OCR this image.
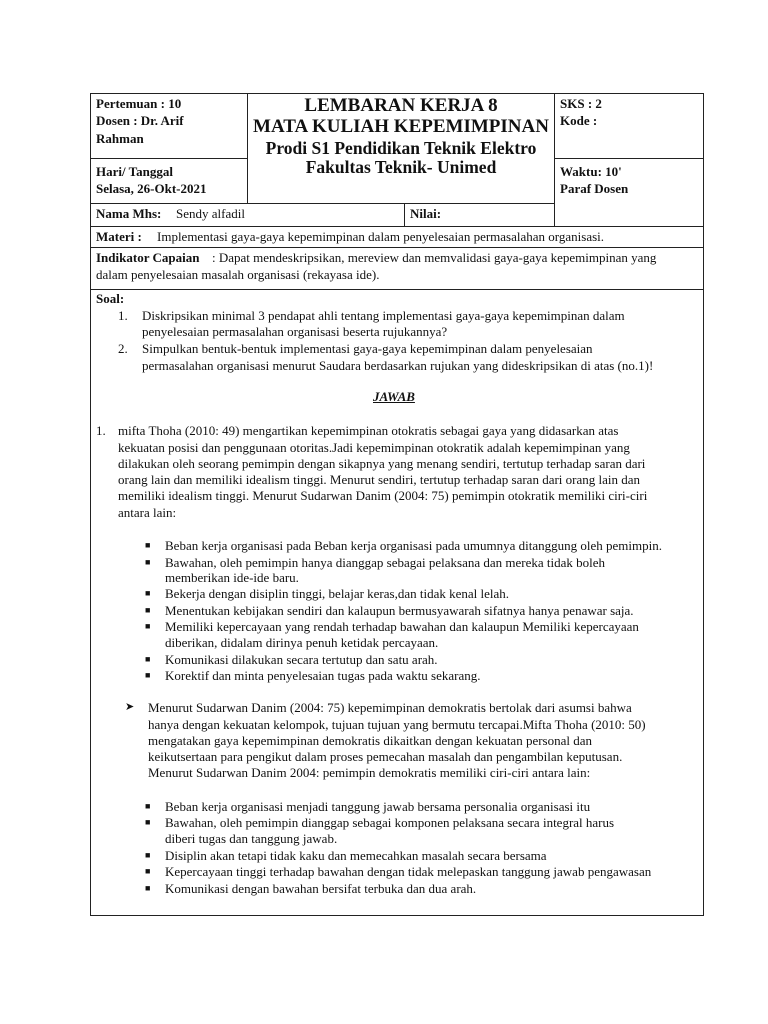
Pertemuan : 10
Dosen : Dr. Arif
Rahman
Hari/ Tanggal
Selasa, 26-Okt-2021
LEMBARAN KERJA 8
MATA KULIAH KEPEMIMPINAN
Prodi S1 Pendidikan Teknik Elektro
Fakultas Teknik- Unimed
SKS : 2
Kode :
Waktu: 10'
Paraf Dosen
Nama Mhs: Sendy alfadil	Nilai:
Materi : Implementasi gaya-gaya kepemimpinan dalam penyelesaian permasalahan organisasi.
Indikator Capaian : Dapat mendeskripsikan, mereview dan memvalidasi gaya-gaya kepemimpinan yang
dalam penyelesaian masalah organisasi (rekayasa ide).
Soal:
1. Diskripsikan minimal 3 pendapat ahli tentang implementasi gaya-gaya kepemimpinan dalam
penyelesaian permasalahan organisasi beserta rujukannya?
2. Simpulkan bentuk-bentuk implementasi gaya-gaya kepemimpinan dalam penyelesaian
permasalahan organisasi menurut Saudara berdasarkan rujukan yang dideskripsikan di atas (no.1)!
JAWAB
1. mifta Thoha (2010: 49) mengartikan kepemimpinan otokratis sebagai gaya yang didasarkan atas
kekuatan posisi dan penggunaan otoritas.Jadi kepemimpinan otokratik adalah kepemimpinan yang
dilakukan oleh seorang pemimpin dengan sikapnya yang menang sendiri, tertutup terhadap saran dari
orang lain dan memiliki idealism tinggi. Menurut sendiri, tertutup terhadap saran dari orang lain dan
memiliki idealism tinggi. Menurut Sudarwan Danim (2004: 75) pemimpin otokratik memiliki ciri-ciri
antara lain:
■ Beban kerja organisasi pada Beban kerja organisasi pada umumnya ditanggung oleh pemimpin.
■ Bawahan, oleh pemimpin hanya dianggap sebagai pelaksana dan mereka tidak boleh
memberikan ide-ide baru.
■ Bekerja dengan disiplin tinggi, belajar keras,dan tidak kenal lelah.
■ Menentukan kebijakan sendiri dan kalaupun bermusyawarah sifatnya hanya penawar saja.
■ Memiliki kepercayaan yang rendah terhadap bawahan dan kalaupun Memiliki kepercayaan
diberikan, didalam dirinya penuh ketidak percayaan.
■ Komunikasi dilakukan secara tertutup dan satu arah.
■ Korektif dan minta penyelesaian tugas pada waktu sekarang.
➤ Menurut Sudarwan Danim (2004: 75) kepemimpinan demokratis bertolak dari asumsi bahwa
hanya dengan kekuatan kelompok, tujuan tujuan yang bermutu tercapai.Mifta Thoha (2010: 50)
mengatakan gaya kepemimpinan demokratis dikaitkan dengan kekuatan personal dan
keikutsertaan para pengikut dalam proses pemecahan masalah dan pengambilan keputusan.
Menurut Sudarwan Danim 2004: pemimpin demokratis memiliki ciri-ciri antara lain:
■ Beban kerja organisasi menjadi tanggung jawab bersama personalia organisasi itu
■ Bawahan, oleh pemimpin dianggap sebagai komponen pelaksana secara integral harus
diberi tugas dan tanggung jawab.
■ Disiplin akan tetapi tidak kaku dan memecahkan masalah secara bersama
■ Kepercayaan tinggi terhadap bawahan dengan tidak melepaskan tanggung jawab pengawasan
■ Komunikasi dengan bawahan bersifat terbuka dan dua arah.
